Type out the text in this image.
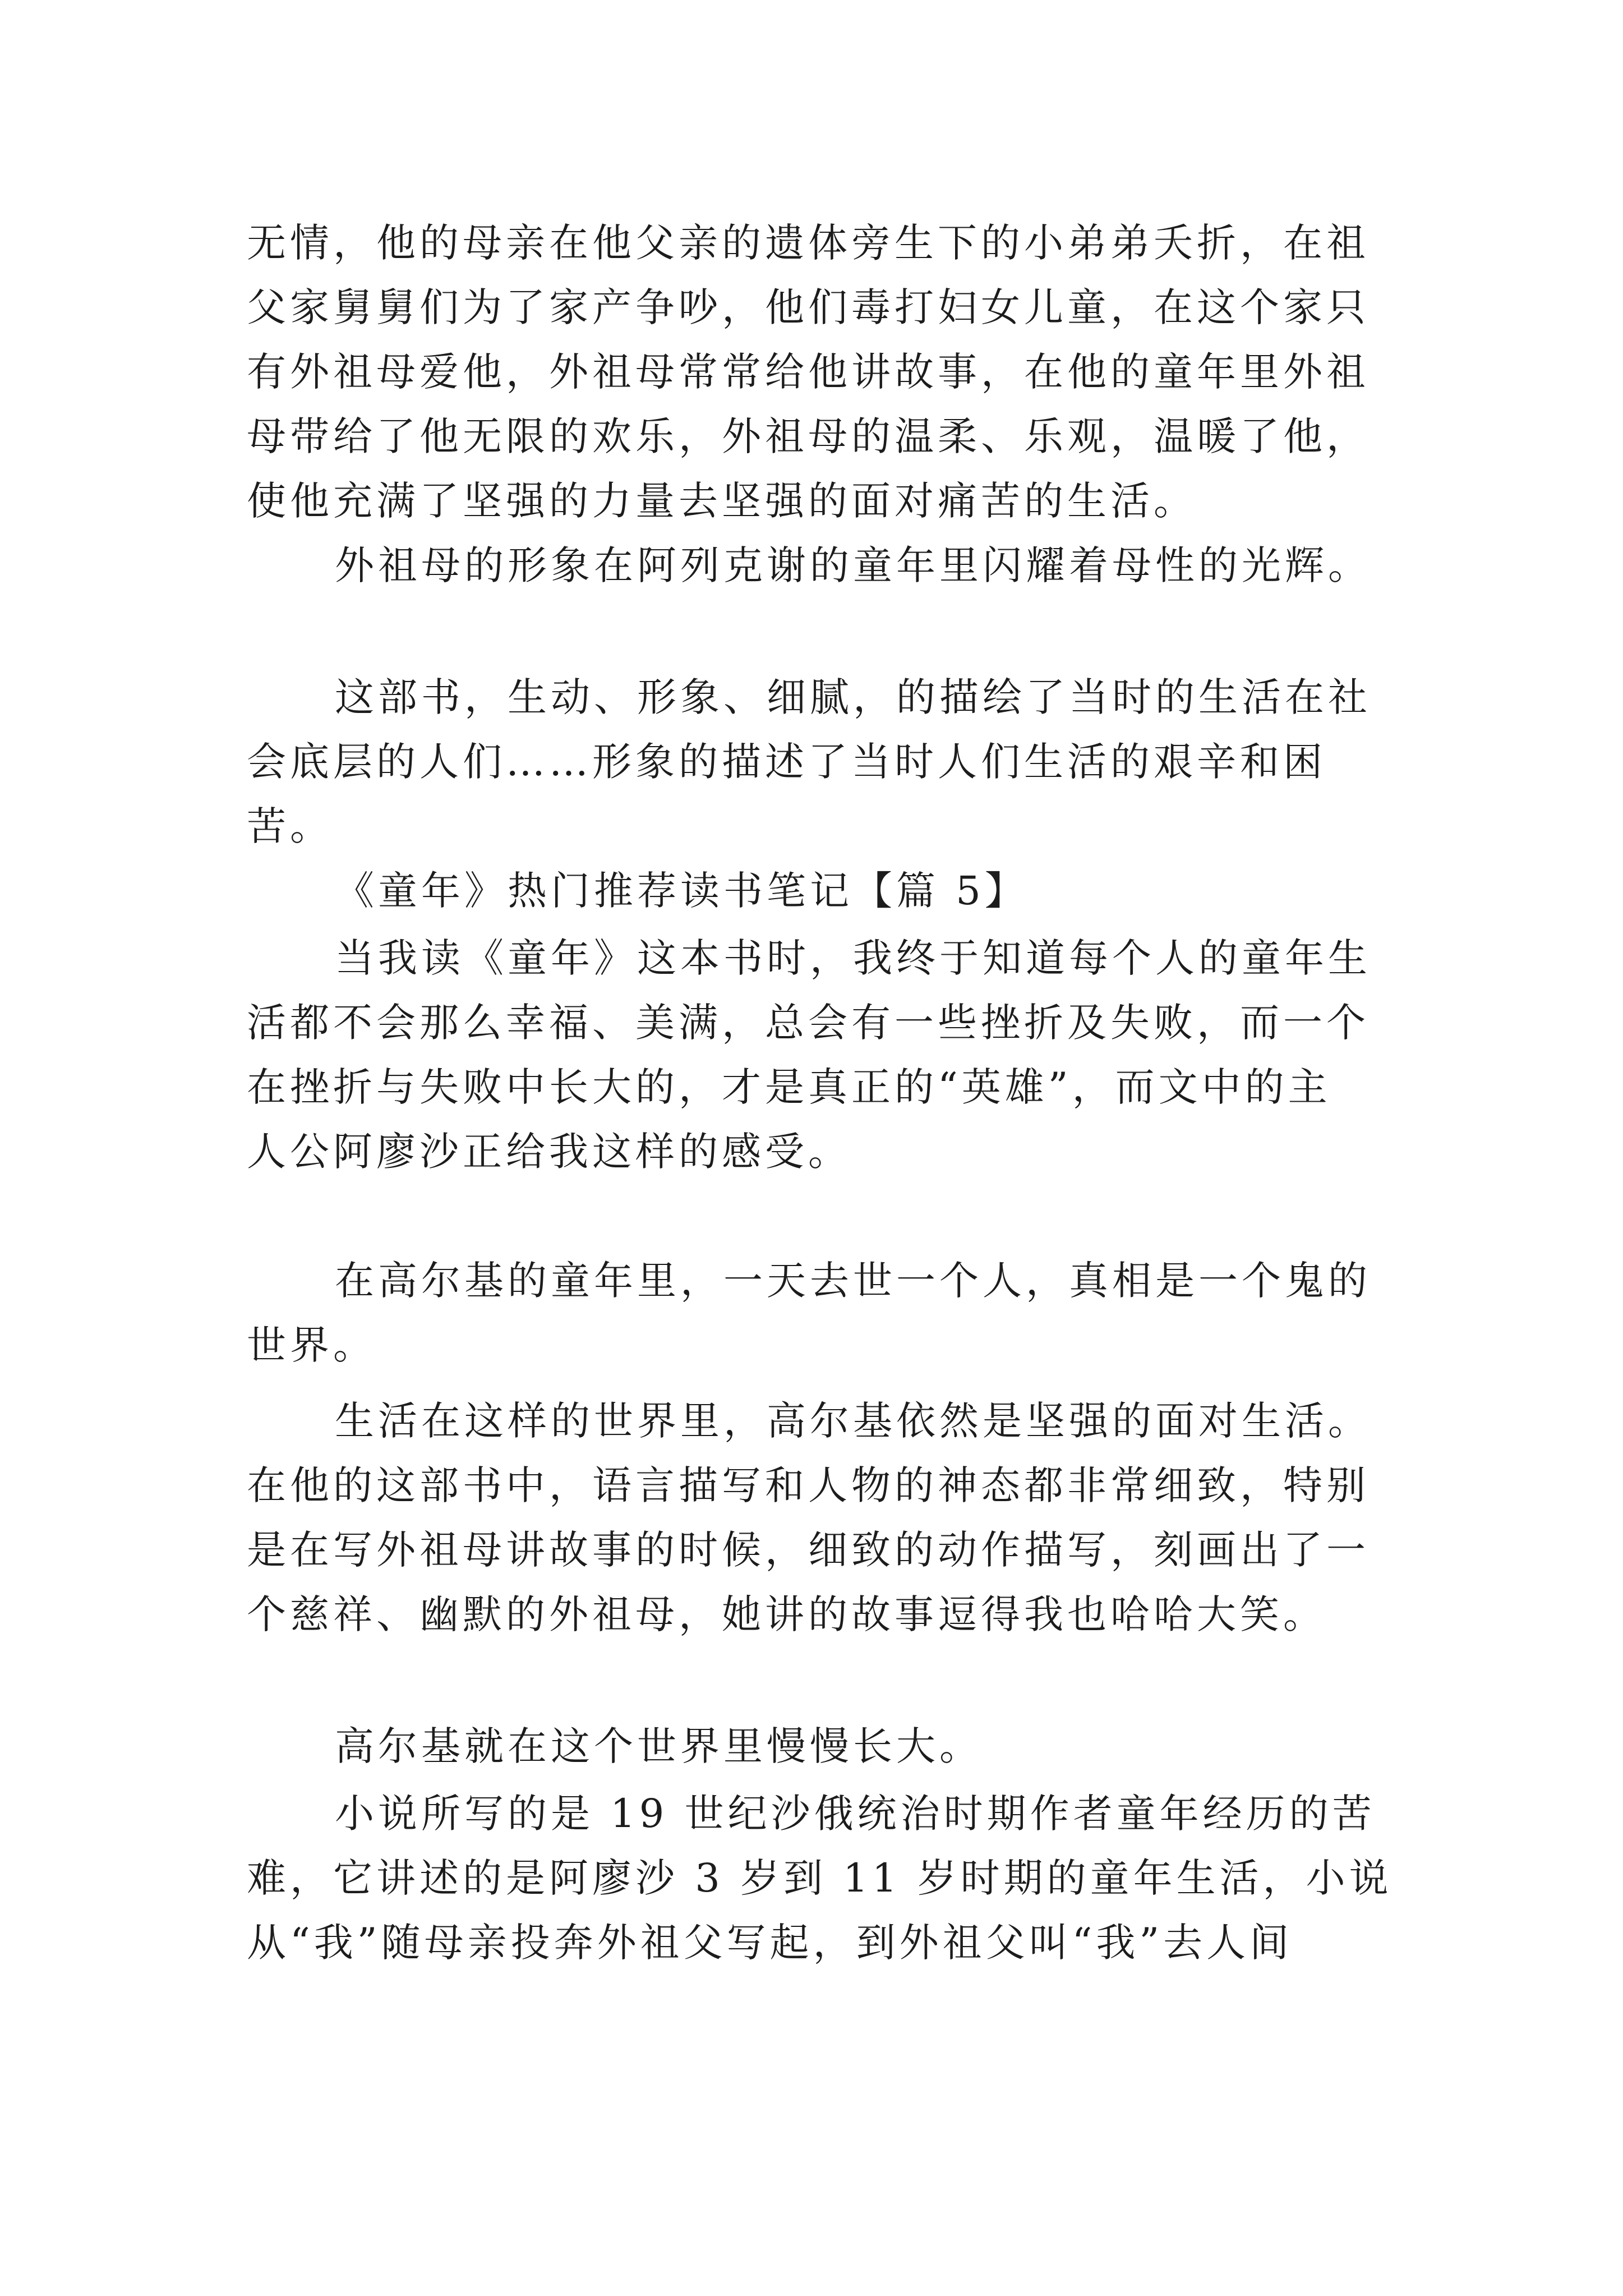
无情，他的母亲在他父亲的遗体旁生下的小弟弟夭折，在祖
父家舅舅们为了家产争吵，他们毒打妇女儿童，在这个家只
有外祖母爱他，外祖母常常给他讲故事，在他的童年里外祖
母带给了他无限的欢乐，外祖母的温柔、乐观，温暖了他，
使他充满了坚强的力量去坚强的面对痛苦的生活。
外祖母的形象在阿列克谢的童年里闪耀着母性的光辉。
这部书，生动、形象、细腻，的描绘了当时的生活在社
会底层的人们……形象的描述了当时人们生活的艰辛和困
苦。
《童年》热门推荐读书笔记【篇 5】
当我读《童年》这本书时，我终于知道每个人的童年生
活都不会那么幸福、美满，总会有一些挫折及失败，而一个
在挫折与失败中长大的，才是真正的“英雄”，而文中的主
人公阿廖沙正给我这样的感受。
在高尔基的童年里，一天去世一个人，真相是一个鬼的
世界。
生活在这样的世界里，高尔基依然是坚强的面对生活。
在他的这部书中，语言描写和人物的神态都非常细致，特别
是在写外祖母讲故事的时候，细致的动作描写，刻画出了一
个慈祥、幽默的外祖母，她讲的故事逗得我也哈哈大笑。
高尔基就在这个世界里慢慢长大。
小说所写的是 19 世纪沙俄统治时期作者童年经历的苦
难，它讲述的是阿廖沙 3 岁到 11 岁时期的童年生活，小说
从“我”随母亲投奔外祖父写起，到外祖父叫“我”去人间
